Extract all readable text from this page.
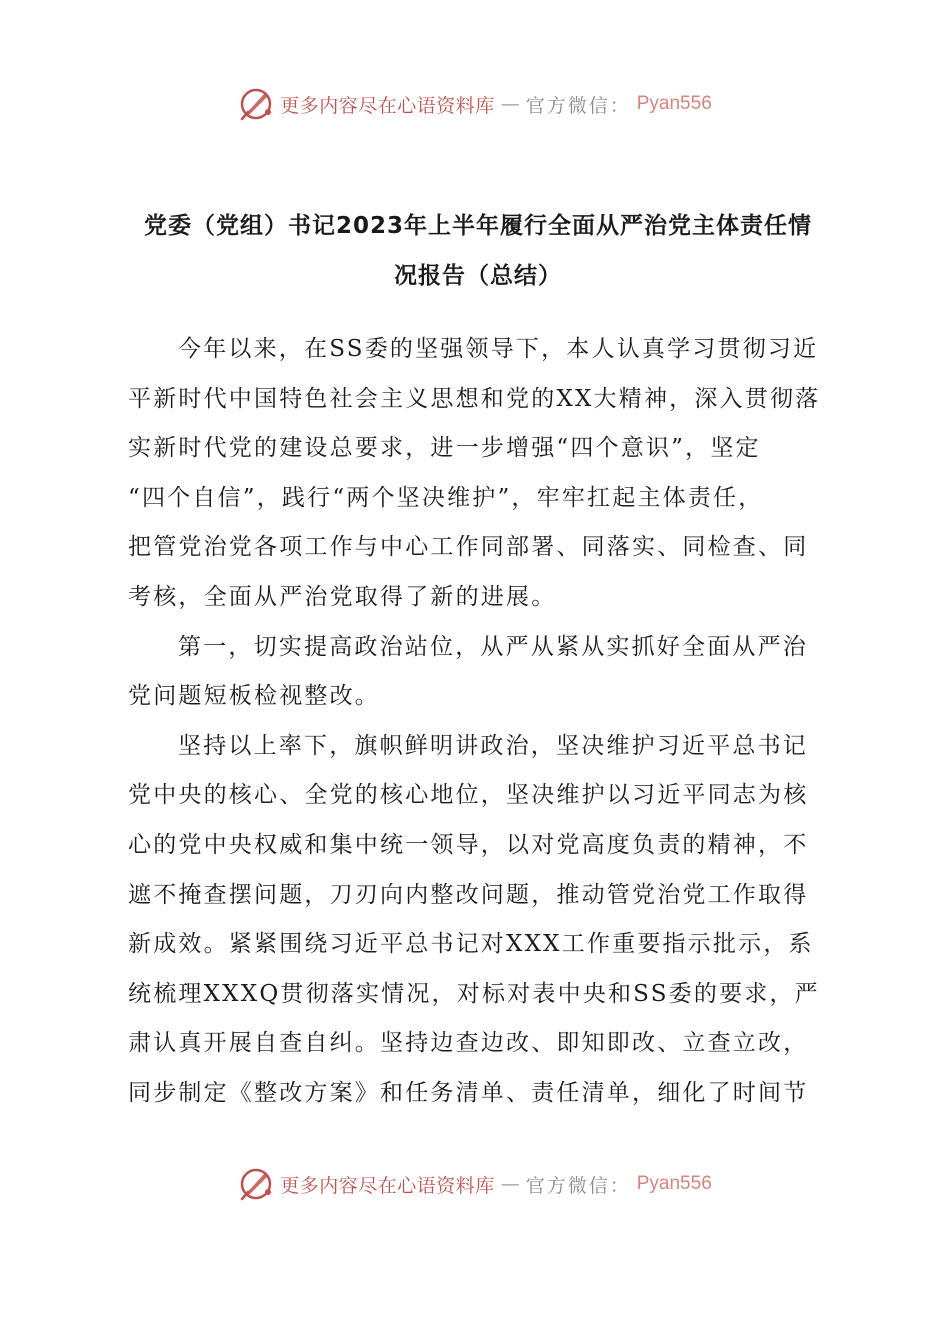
更多内容尽在心语资料库 — 官方微信： Pyan556
党委（党组）书记2023年上半年履行全面从严治党主体责任情
况报告（总结）

今年以来，在SS委的坚强领导下，本人认真学习贯彻习近
平新时代中国特色社会主义思想和党的XX大精神，深入贯彻落
实新时代党的建设总要求，进一步增强“四个意识”，坚定
“四个自信”，践行“两个坚决维护”，牢牢扛起主体责任，
把管党治党各项工作与中心工作同部署、同落实、同检查、同
考核，全面从严治党取得了新的进展。

第一，切实提高政治站位，从严从紧从实抓好全面从严治
党问题短板检视整改。

坚持以上率下，旗帜鲜明讲政治，坚决维护习近平总书记
党中央的核心、全党的核心地位，坚决维护以习近平同志为核
心的党中央权威和集中统一领导，以对党高度负责的精神，不
遮不掩查摆问题，刀刃向内整改问题，推动管党治党工作取得
新成效。紧紧围绕习近平总书记对XXX工作重要指示批示，系
统梳理XXXQ贯彻落实情况，对标对表中央和SS委的要求，严
肃认真开展自查自纠。坚持边查边改、即知即改、立查立改，
同步制定《整改方案》和任务清单、责任清单，细化了时间节

更多内容尽在心语资料库 — 官方微信： Pyan556
